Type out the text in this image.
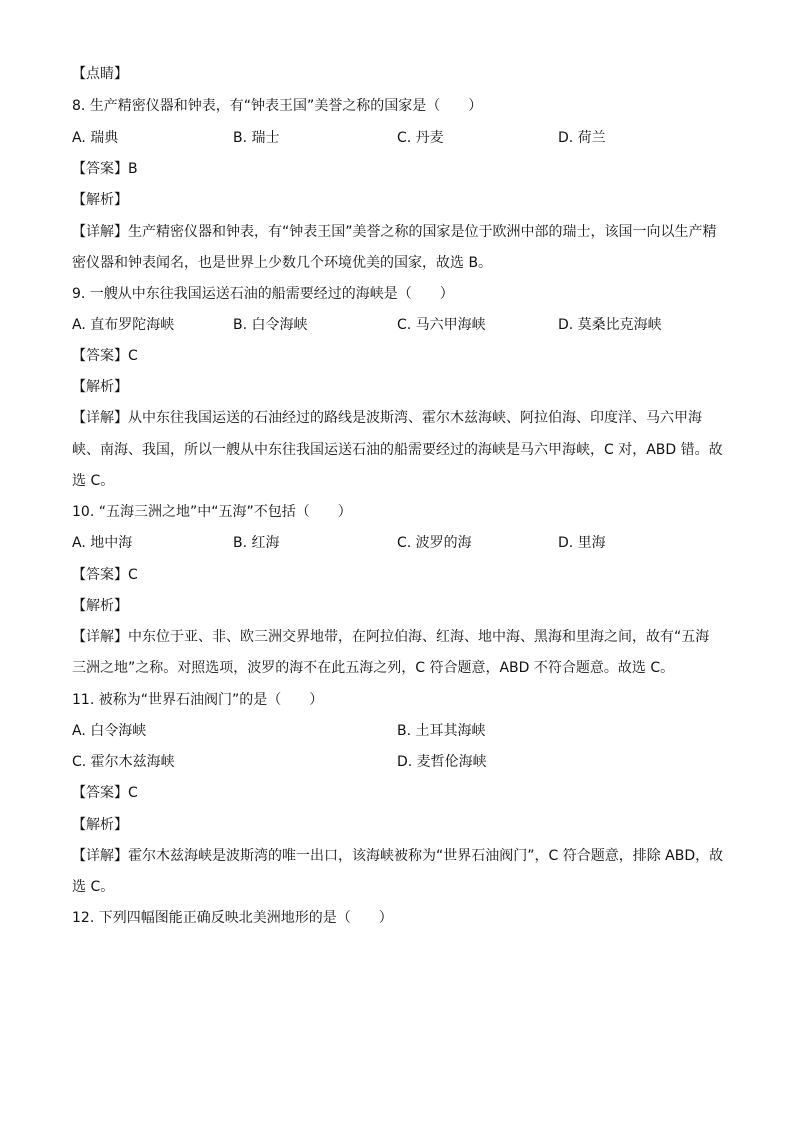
【点睛】
8. 生产精密仪器和钟表，有“钟表王国”美誉之称的国家是（　　）
A. 瑞典	B. 瑞士	C. 丹麦	D. 荷兰
【答案】B
【解析】
【详解】生产精密仪器和钟表，有“钟表王国”美誉之称的国家是位于欧洲中部的瑞士，该国一向以生产精
密仪器和钟表闻名，也是世界上少数几个环境优美的国家，故选 B。
9. 一艘从中东往我国运送石油的船需要经过的海峡是（　　）
A. 直布罗陀海峡	B. 白令海峡	C. 马六甲海峡	D. 莫桑比克海峡
【答案】C
【解析】
【详解】从中东往我国运送的石油经过的路线是波斯湾、霍尔木兹海峡、阿拉伯海、印度洋、马六甲海
峡、南海、我国，所以一艘从中东往我国运送石油的船需要经过的海峡是马六甲海峡，C 对，ABD 错。故
选 C。
10. “五海三洲之地”中“五海”不包括（　　）
A. 地中海	B. 红海	C. 波罗的海	D. 里海
【答案】C
【解析】
【详解】中东位于亚、非、欧三洲交界地带，在阿拉伯海、红海、地中海、黑海和里海之间，故有“五海
三洲之地”之称。对照选项，波罗的海不在此五海之列，C 符合题意，ABD 不符合题意。故选 C。
11. 被称为“世界石油阀门”的是（　　）
A. 白令海峡	B. 土耳其海峡
C. 霍尔木兹海峡	D. 麦哲伦海峡
【答案】C
【解析】
【详解】霍尔木兹海峡是波斯湾的唯一出口，该海峡被称为“世界石油阀门”，C 符合题意，排除 ABD，故
选 C。
12. 下列四幅图能正确反映北美洲地形的是（　　）
